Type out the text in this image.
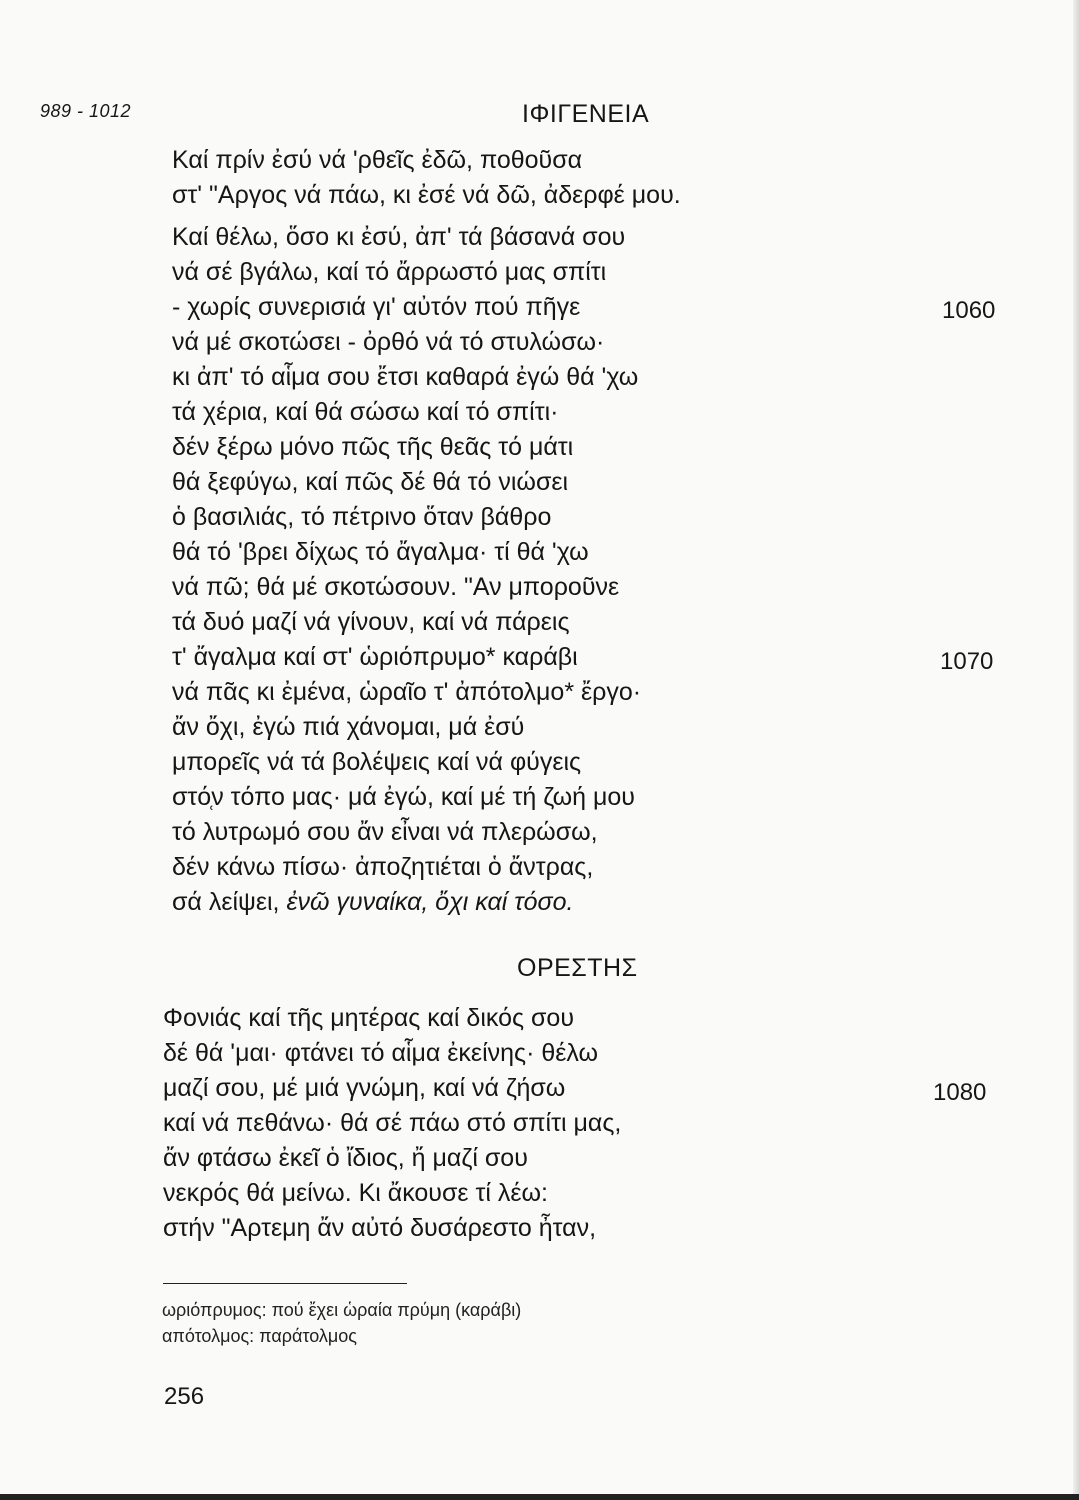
989 - 1012	ΙΦΙΓΕΝΕΙΑ
Καί πρίν ἐσύ νά 'ρθεῖς ἐδῶ, ποθοῦσα
στ' "Αργος νά πάω, κι ἐσέ νά δῶ, ἀδερφέ μου.
Καί θέλω, ὅσο κι ἐσύ, ἀπ' τά βάσανά σου
νά σέ βγάλω, καί τό ἄρρωστό μας σπίτι
- χωρίς συνερισιά γι' αὐτόν πού πῆγε
νά μέ σκοτώσει - ὀρθό νά τό στυλώσω·
κι ἀπ' τό αἷμα σου ἔτσι καθαρά ἐγώ θά 'χω
τά χέρια, καί θά σώσω καί τό σπίτι·
δέν ξέρω μόνο πῶς τῆς θεᾶς τό μάτι
θά ξεφύγω, καί πῶς δέ θά τό νιώσει
ὁ βασιλιάς, τό πέτρινο ὅταν βάθρο
θά τό 'βρει δίχως τό ἄγαλμα· τί θά 'χω
νά πῶ; θά μέ σκοτώσουν. "Αν μποροῦνε
τά δυό μαζί νά γίνουν, καί νά πάρεις
τ' ἄγαλμα καί στ' ὡριόπρυμο* καράβι
νά πᾶς κι ἐμένα, ὡραῖο τ' ἀπότολμο* ἔργο·
ἄν ὄχι, ἐγώ πιά χάνομαι, μά ἐσύ
μπορεῖς νά τά βολέψεις καί νά φύγεις
στό̜ν τόπο μας· μά ἐγώ, καί μέ τή ζωή μου
τό λυτρωμό σου ἄν εἶναι νά πλερώσω,
δέν κάνω πίσω· ἀποζητιέται ὁ ἄντρας,
σά λείψει, ἐνῶ γυναίκα, ὄχι καί τόσο.
ΟΡΕΣΤΗΣ
Φονιάς καί τῆς μητέρας καί δικός σου
δέ θά 'μαι· φτάνει τό αἷμα ἐκείνης· θέλω
μαζί σου, μέ μιά γνώμη, καί νά ζήσω
καί νά πεθάνω· θά σέ πάω στό σπίτι μας,
ἄν φτάσω ἐκεῖ ὁ ἴδιος, ἤ μαζί σου
νεκρός θά μείνω. Κι ἄκουσε τί λέω:
στήν "Αρτεμη ἄν αὐτό δυσάρεστο ἦταν,
1060
1070
1080
ωριόπρυμος: πού ἔχει ὡραία πρύμη (καράβι)
απότολμος: παράτολμος
256
